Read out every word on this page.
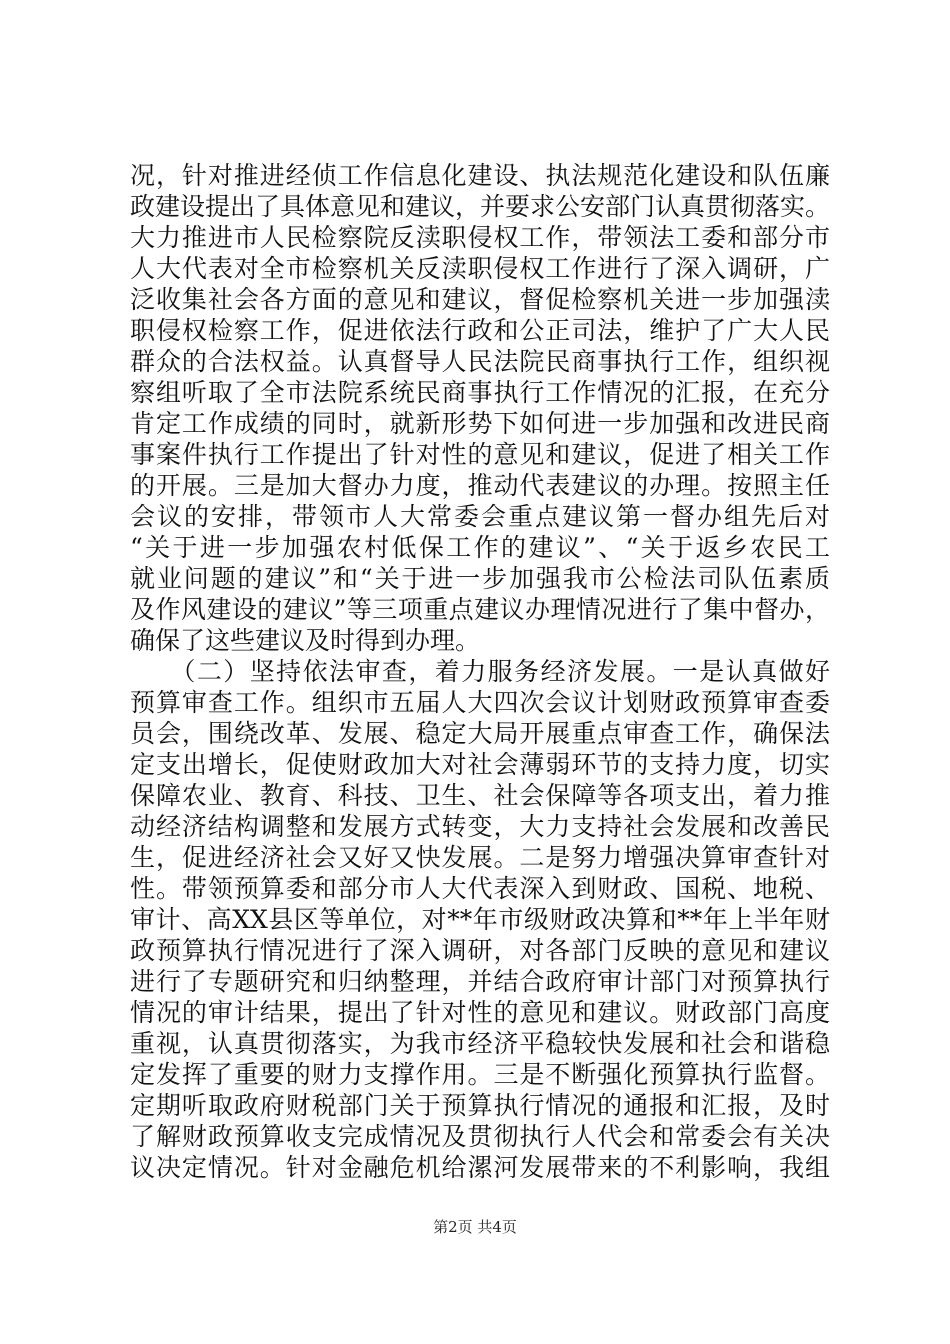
况，针对推进经侦工作信息化建设、执法规范化建设和队伍廉
政建设提出了具体意见和建议，并要求公安部门认真贯彻落实。
大力推进市人民检察院反渎职侵权工作，带领法工委和部分市
人大代表对全市检察机关反渎职侵权工作进行了深入调研，广
泛收集社会各方面的意见和建议，督促检察机关进一步加强渎
职侵权检察工作，促进依法行政和公正司法，维护了广大人民
群众的合法权益。认真督导人民法院民商事执行工作，组织视
察组听取了全市法院系统民商事执行工作情况的汇报，在充分
肯定工作成绩的同时，就新形势下如何进一步加强和改进民商
事案件执行工作提出了针对性的意见和建议，促进了相关工作
的开展。三是加大督办力度，推动代表建议的办理。按照主任
会议的安排，带领市人大常委会重点建议第一督办组先后对
“关于进一步加强农村低保工作的建议”、“关于返乡农民工
就业问题的建议”和“关于进一步加强我市公检法司队伍素质
及作风建设的建议”等三项重点建议办理情况进行了集中督办，
确保了这些建议及时得到办理。
　　（二）坚持依法审查，着力服务经济发展。一是认真做好
预算审查工作。组织市五届人大四次会议计划财政预算审查委
员会，围绕改革、发展、稳定大局开展重点审查工作，确保法
定支出增长，促使财政加大对社会薄弱环节的支持力度，切实
保障农业、教育、科技、卫生、社会保障等各项支出，着力推
动经济结构调整和发展方式转变，大力支持社会发展和改善民
生，促进经济社会又好又快发展。二是努力增强决算审查针对
性。带领预算委和部分市人大代表深入到财政、国税、地税、
审计、高XX县区等单位，对**年市级财政决算和**年上半年财
政预算执行情况进行了深入调研，对各部门反映的意见和建议
进行了专题研究和归纳整理，并结合政府审计部门对预算执行
情况的审计结果，提出了针对性的意见和建议。财政部门高度
重视，认真贯彻落实，为我市经济平稳较快发展和社会和谐稳
定发挥了重要的财力支撑作用。三是不断强化预算执行监督。
定期听取政府财税部门关于预算执行情况的通报和汇报，及时
了解财政预算收支完成情况及贯彻执行人代会和常委会有关决
议决定情况。针对金融危机给漯河发展带来的不利影响，我组
第2页 共4页
